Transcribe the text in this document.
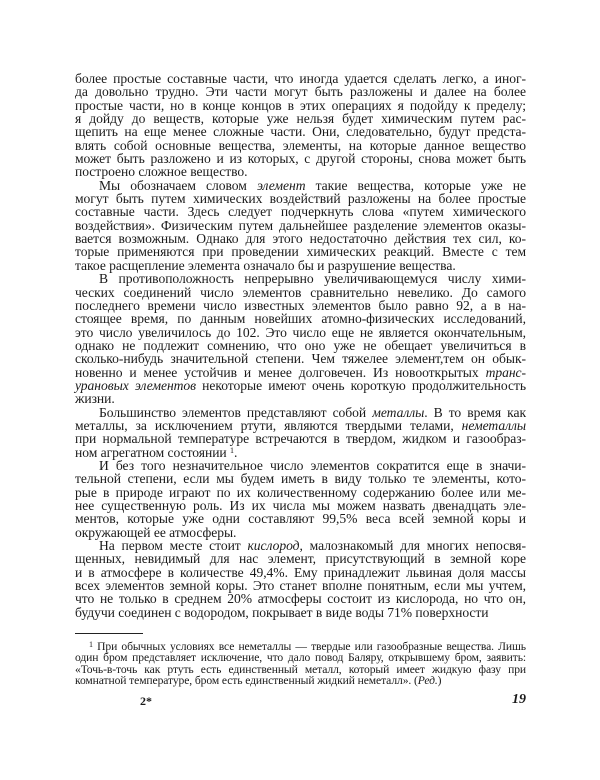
более простые составные части, что иногда удается сделать легко, а иног-
да довольно трудно. Эти части могут быть разложены и далее на более
простые части, но в конце концов в этих операциях я подойду к пределу;
я дойду до веществ, которые уже нельзя будет химическим путем рас-
щепить на еще менее сложные части. Они, следовательно, будут предста-
влять собой основные вещества, элементы, на которые данное вещество
может быть разложено и из которых, с другой стороны, снова может быть
построено сложное вещество.
Мы обозначаем словом элемент такие вещества, которые уже не
могут быть путем химических воздействий разложены на более простые
составные части. Здесь следует подчеркнуть слова «путем химического
воздействия». Физическим путем дальнейшее разделение элементов оказы-
вается возможным. Однако для этого недостаточно действия тех сил, ко-
торые применяются при проведении химических реакций. Вместе с тем
такое расщепление элемента означало бы и разрушение вещества.
В противоположность непрерывно увеличивающемуся числу хими-
ческих соединений число элементов сравнительно невелико. До самого
последнего времени число известных элементов было равно 92, а в на-
стоящее время, по данным новейших атомно-физических исследований,
это число увеличилось до 102. Это число еще не является окончательным,
однако не подлежит сомнению, что оно уже не обещает увеличиться в
сколько-нибудь значительной степени. Чем тяжелее элемент,тем он обык-
новенно и менее устойчив и менее долговечен. Из новооткрытых транс-
урановых элементов некоторые имеют очень короткую продолжительность
жизни.
Большинство элементов представляют собой металлы. В то время как
металлы, за исключением ртути, являются твердыми телами, неметаллы
при нормальной температуре встречаются в твердом, жидком и газообраз-
ном агрегатном состоянии $^1$.
И без того незначительное число элементов сократится еще в значи-
тельной степени, если мы будем иметь в виду только те элементы, кото-
рые в природе играют по их количественному содержанию более или ме-
нее существенную роль. Из их числа мы можем назвать двенадцать эле-
ментов, которые уже одни составляют 99,5% веса всей земной коры и
окружающей ее атмосферы.
На первом месте стоит кислород, малознакомый для многих непосвя-
щенных, невидимый для нас элемент, присутствующий в земной коре
и в атмосфере в количестве 49,4%. Ему принадлежит львиная доля массы
всех элементов земной коры. Это станет вполне понятным, если мы учтем,
что не только в среднем 20% атмосферы состоит из кислорода, но что он,
будучи соединен с водородом, покрывает в виде воды 71% поверхности
$^1$ При обычных условиях все неметаллы — твердые или газообразные вещества. Лишь
один бром представляет исключение, что дало повод Баляру, открывшему бром, заявить:
«Точь-в-точь как ртуть есть единственный металл, который имеет жидкую фазу при
комнатной температуре, бром есть единственный жидкий неметалл». (Ред.)
2*	19
